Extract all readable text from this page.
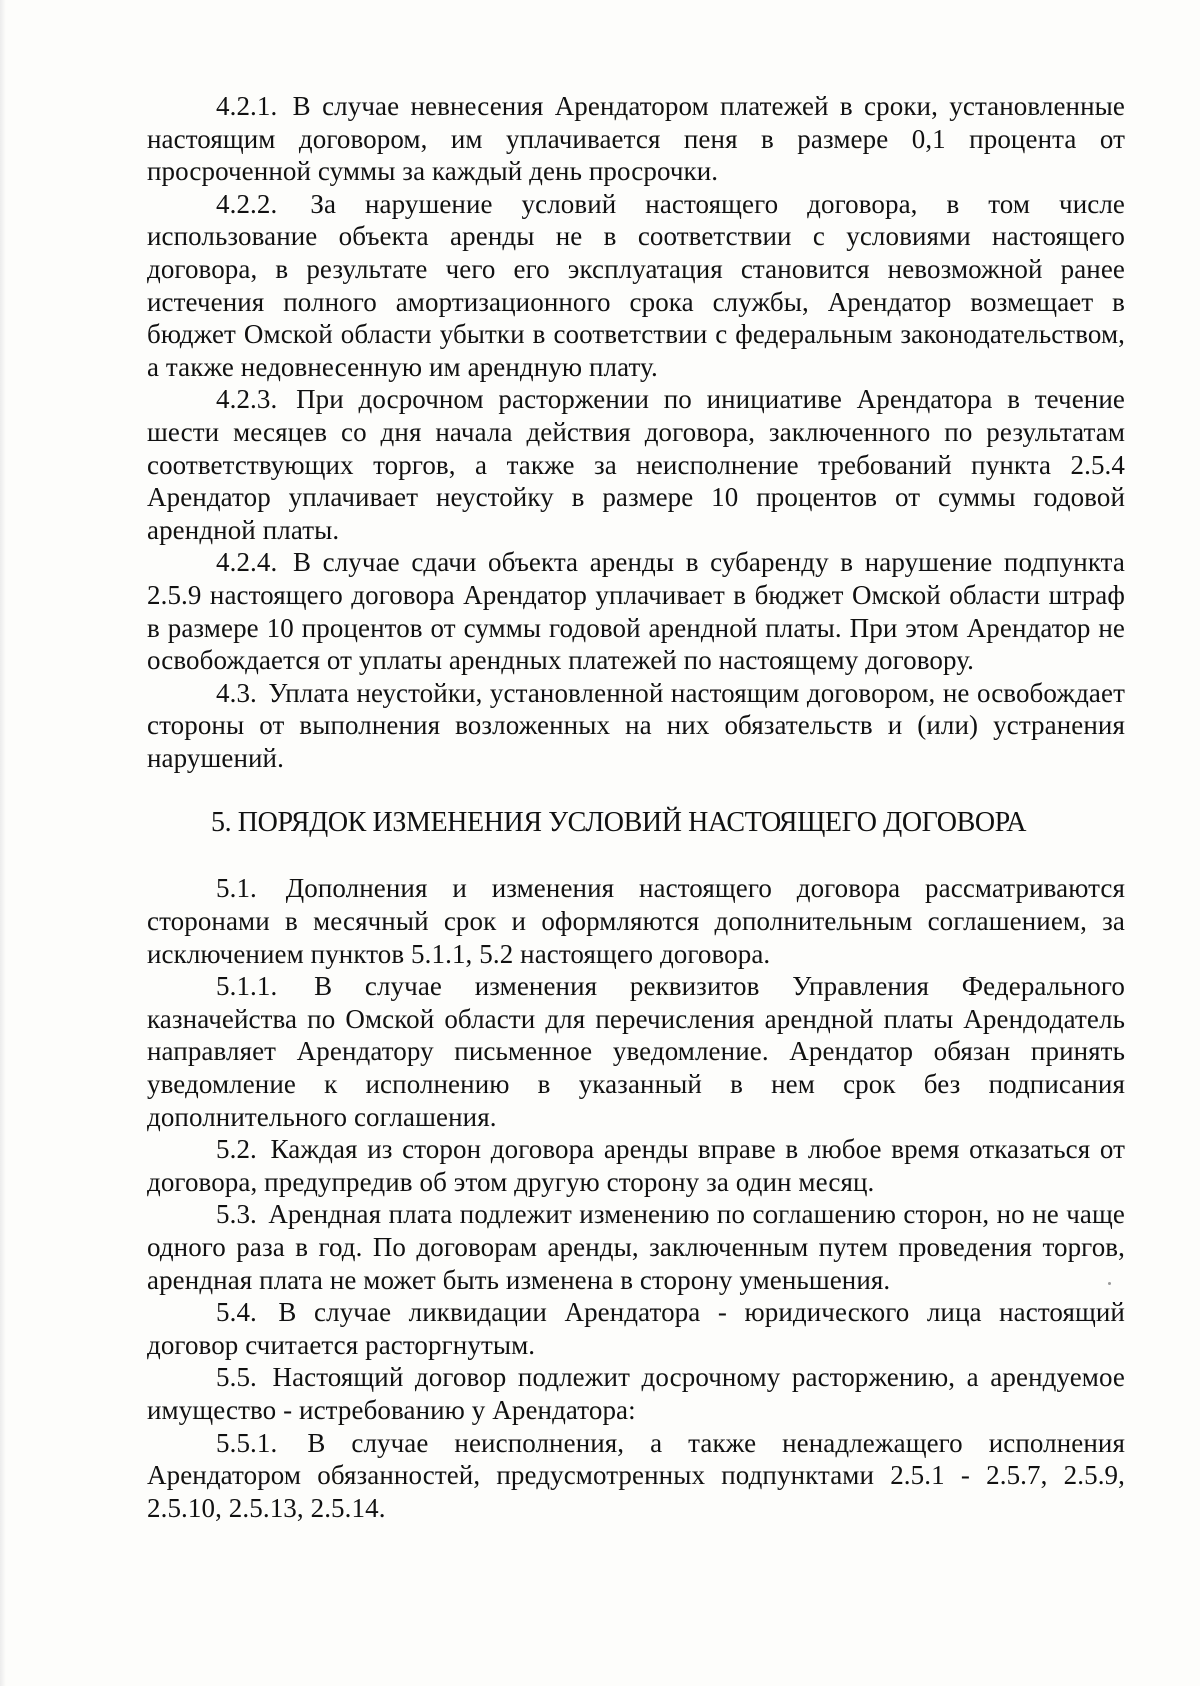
4.2.1. В случае невнесения Арендатором платежей в сроки, установленные настоящим договором, им уплачивается пеня в размере 0,1 процента от просроченной суммы за каждый день просрочки.

4.2.2. За нарушение условий настоящего договора, в том числе использование объекта аренды не в соответствии с условиями настоящего договора, в результате чего его эксплуатация становится невозможной ранее истечения полного амортизационного срока службы, Арендатор возмещает в бюджет Омской области убытки в соответствии с федеральным законодательством, а также недовнесенную им арендную плату.

4.2.3. При досрочном расторжении по инициативе Арендатора в течение шести месяцев со дня начала действия договора, заключенного по результатам соответствующих торгов, а также за неисполнение требований пункта 2.5.4 Арендатор уплачивает неустойку в размере 10 процентов от суммы годовой арендной платы.

4.2.4. В случае сдачи объекта аренды в субаренду в нарушение подпункта 2.5.9 настоящего договора Арендатор уплачивает в бюджет Омской области штраф в размере 10 процентов от суммы годовой арендной платы. При этом Арендатор не освобождается от уплаты арендных платежей по настоящему договору.

4.3. Уплата неустойки, установленной настоящим договором, не освобождает стороны от выполнения возложенных на них обязательств и (или) устранения нарушений.

5. ПОРЯДОК ИЗМЕНЕНИЯ УСЛОВИЙ НАСТОЯЩЕГО ДОГОВОРА

5.1. Дополнения и изменения настоящего договора рассматриваются сторонами в месячный срок и оформляются дополнительным соглашением, за исключением пунктов 5.1.1, 5.2 настоящего договора.

5.1.1. В случае изменения реквизитов Управления Федерального казначейства по Омской области для перечисления арендной платы Арендодатель направляет Арендатору письменное уведомление. Арендатор обязан принять уведомление к исполнению в указанный в нем срок без подписания дополнительного соглашения.

5.2. Каждая из сторон договора аренды вправе в любое время отказаться от договора, предупредив об этом другую сторону за один месяц.

5.3. Арендная плата подлежит изменению по соглашению сторон, но не чаще одного раза в год. По договорам аренды, заключенным путем проведения торгов, арендная плата не может быть изменена в сторону уменьшения.

5.4. В случае ликвидации Арендатора - юридического лица настоящий договор считается расторгнутым.

5.5. Настоящий договор подлежит досрочному расторжению, а арендуемое имущество - истребованию у Арендатора:

5.5.1. В случае неисполнения, а также ненадлежащего исполнения Арендатором обязанностей, предусмотренных подпунктами 2.5.1 - 2.5.7, 2.5.9, 2.5.10, 2.5.13, 2.5.14.
